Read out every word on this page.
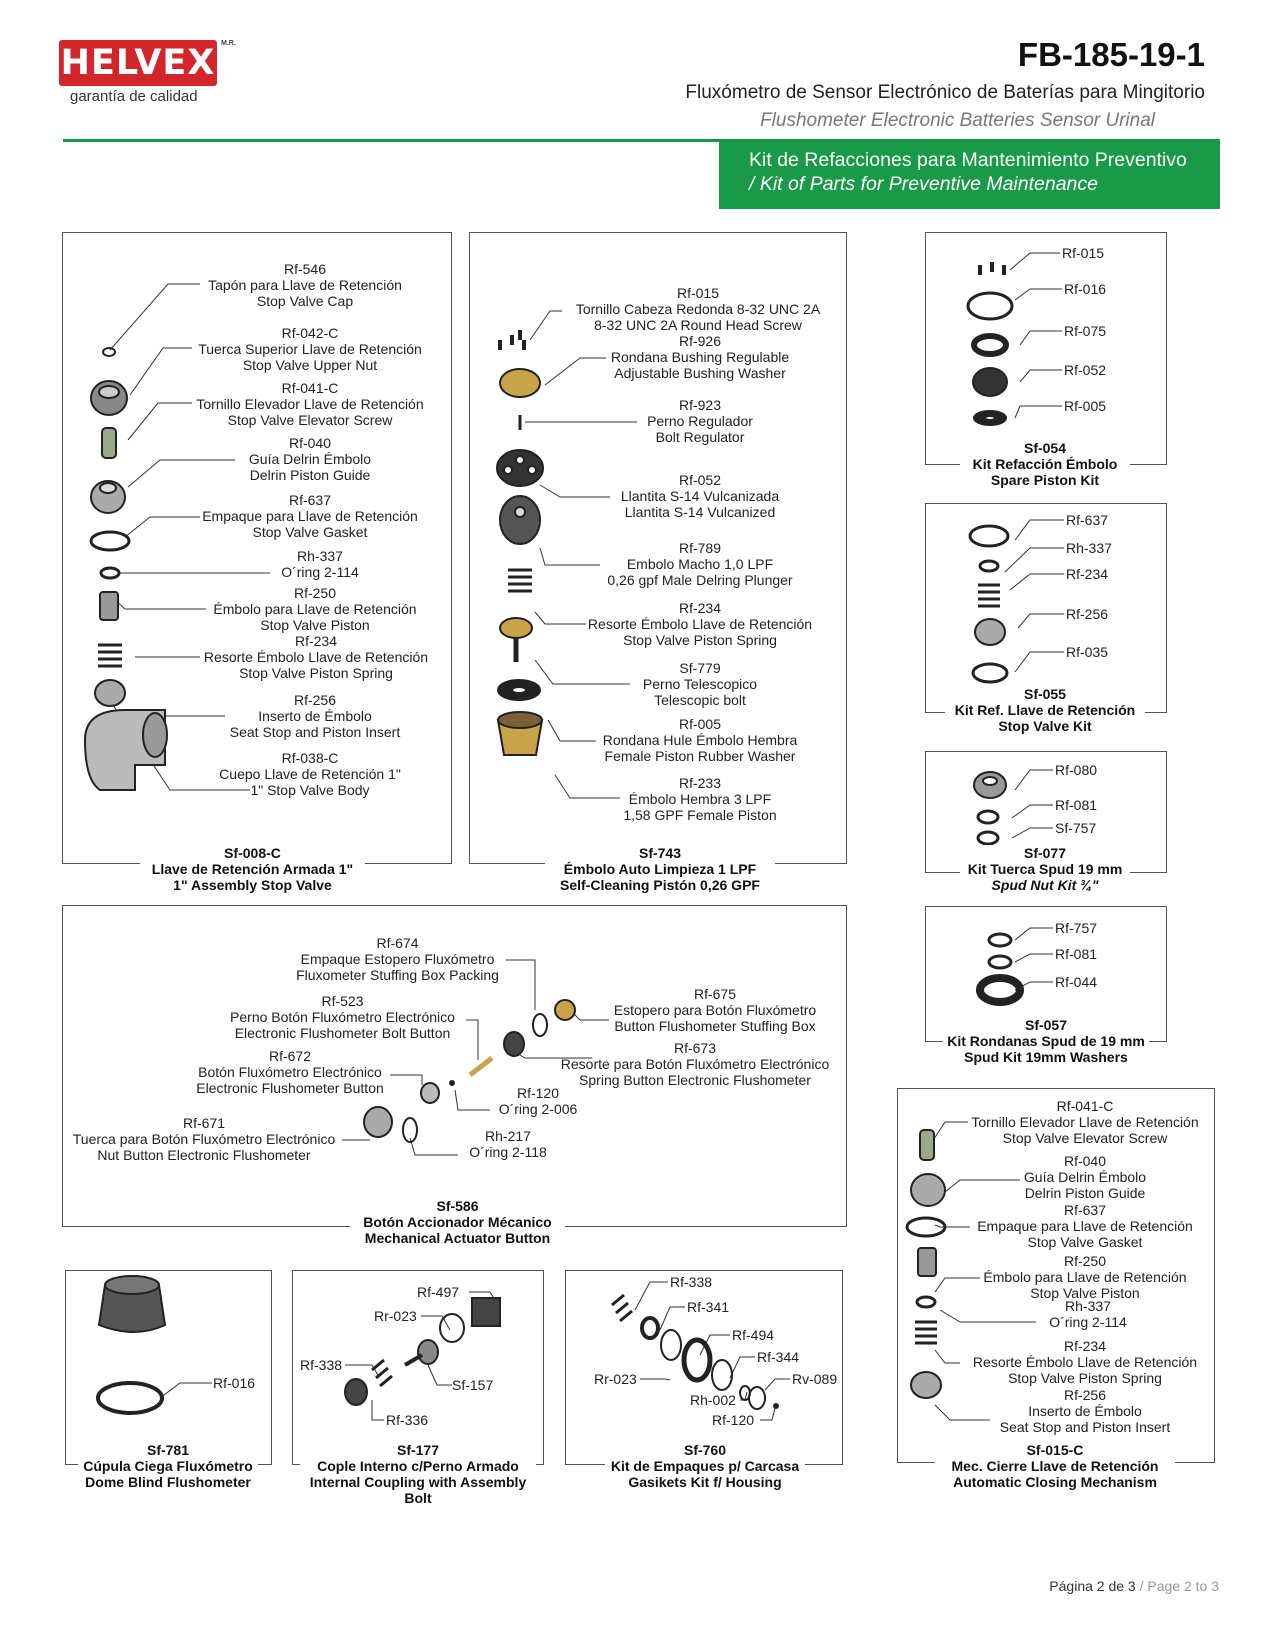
HELVEX M.R.
garantía de calidad
FB-185-19-1
Fluxómetro de Sensor Electrónico de Baterías para Mingitorio
Flushometer Electronic Batteries Sensor Urinal
Kit de Refacciones para Mantenimiento Preventivo
/ Kit of Parts for Preventive Maintenance
Rf-546
Tapón para Llave de Retención
Stop Valve Cap
Rf-042-C
Tuerca Superior Llave de Retención
Stop Valve Upper Nut
Rf-041-C
Tornillo Elevador Llave de Retención
Stop Valve Elevator Screw
Rf-040
Guía Delrin Émbolo
Delrin Piston Guide
Rf-637
Empaque para Llave de Retención
Stop Valve Gasket
Rh-337
O´ring 2-114
Rf-250
Émbolo para Llave de Retención
Stop Valve Piston
Rf-234
Resorte Émbolo Llave de Retención
Stop Valve Piston Spring
Rf-256
Inserto de Émbolo
Seat Stop and Piston Insert
Rf-038-C
Cuepo Llave de Retención 1"
1" Stop Valve Body
Sf-008-C
Llave de Retención Armada 1"
1" Assembly Stop Valve
Rf-015
Tornillo Cabeza Redonda 8-32 UNC 2A
8-32 UNC 2A Round Head Screw
Rf-926
Rondana Bushing Regulable
Adjustable Bushing Washer
Rf-923
Perno Regulador
Bolt Regulator
Rf-052
Llantita S-14 Vulcanizada
Llantita S-14 Vulcanized
Rf-789
Embolo Macho 1,0 LPF
0,26 gpf Male Delring Plunger
Rf-234
Resorte Émbolo Llave de Retención
Stop Valve Piston Spring
Sf-779
Perno Telescopico
Telescopic bolt
Rf-005
Rondana Hule Émbolo Hembra
Female Piston Rubber Washer
Rf-233
Émbolo Hembra 3 LPF
1,58 GPF Female Piston
Sf-743
Émbolo Auto Limpieza 1 LPF
Self-Cleaning Pistón 0,26 GPF
Rf-015
Rf-016
Rf-075
Rf-052
Rf-005
Sf-054
Kit Refacción Émbolo
Spare Piston Kit
Rf-637
Rh-337
Rf-234
Rf-256
Rf-035
Sf-055
Kit Ref. Llave de Retención
Stop Valve Kit
Rf-080
Rf-081
Sf-757
Sf-077
Kit Tuerca Spud 19 mm
Spud Nut Kit ¾"
Rf-757
Rf-081
Rf-044
Sf-057
Kit Rondanas Spud de 19 mm
Spud Kit 19mm Washers
Rf-674
Empaque Estopero Fluxómetro
Fluxometer Stuffing Box Packing
Rf-523
Perno Botón Fluxómetro Electrónico
Electronic Flushometer Bolt Button
Rf-672
Botón Fluxómetro Electrónico
Electronic Flushometer Button
Rf-671
Tuerca para Botón Fluxómetro Electrónico
Nut Button Electronic Flushometer
Rf-675
Estopero para Botón Fluxómetro
Button Flushometer Stuffing Box
Rf-673
Resorte para Botón Fluxómetro Electrónico
Spring Button Electronic Flushometer
Rf-120
O´ring 2-006
Rh-217
O´ring 2-118
Sf-586
Botón Accionador Mécanico
Mechanical Actuator Button
Rf-041-C
Tornillo Elevador Llave de Retención
Stop Valve Elevator Screw
Rf-040
Guía Delrin Émbolo
Delrin Piston Guide
Rf-637
Empaque para Llave de Retención
Stop Valve Gasket
Rf-250
Émbolo para Llave de Retención
Stop Valve Piston
Rh-337
O´ring 2-114
Rf-234
Resorte Émbolo Llave de Retención
Stop Valve Piston Spring
Rf-256
Inserto de Émbolo
Seat Stop and Piston Insert
Sf-015-C
Mec. Cierre Llave de Retención
Automatic Closing Mechanism
Rf-016
Sf-781
Cúpula Ciega Fluxómetro
Dome Blind Flushometer
Rf-497
Rr-023
Rf-338
Sf-157
Rf-336
Sf-177
Cople Interno c/Perno Armado
Internal Coupling with Assembly
Bolt
Rf-338
Rf-341
Rf-494
Rf-344
Rr-023	Rv-089
Rh-002
Rf-120
Sf-760
Kit de Empaques p/ Carcasa
Gasikets Kit f/ Housing
Página 2 de 3 / Page 2 to 3
